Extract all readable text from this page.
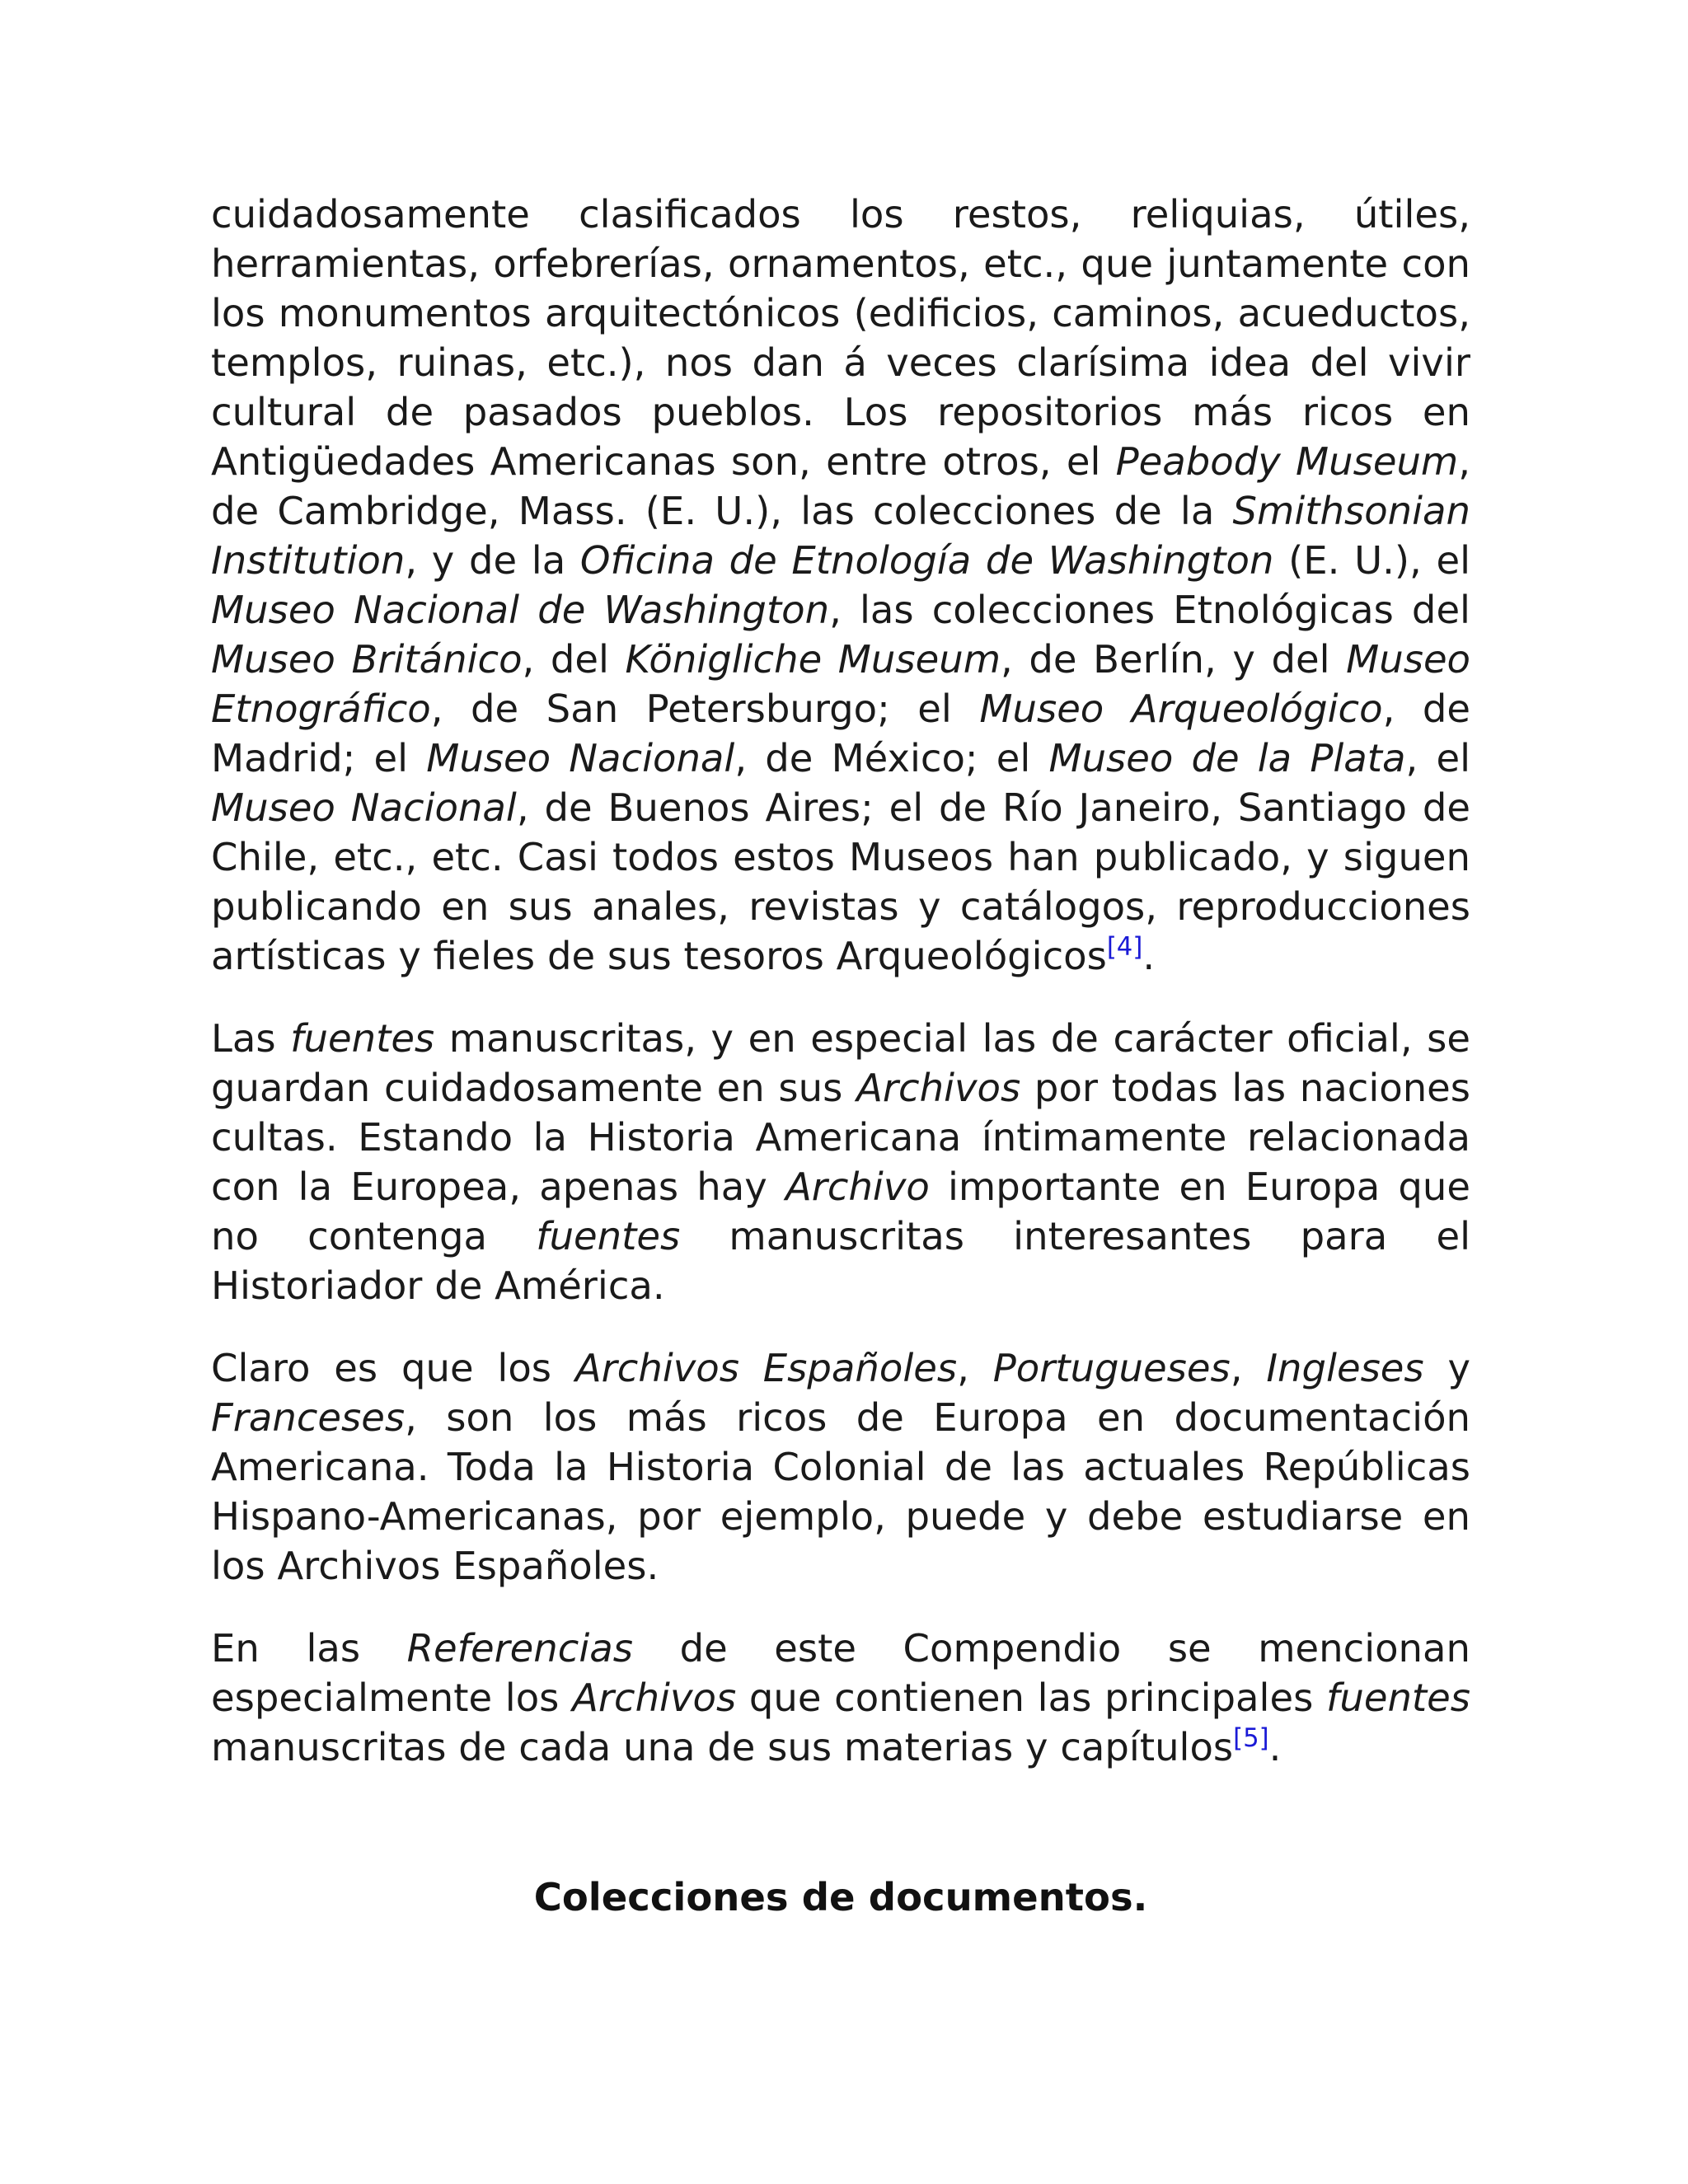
cuidadosamente clasificados los restos, reliquias, útiles, herramientas, orfebrerías, ornamentos, etc., que juntamente con los monumentos arquitectónicos (edificios, caminos, acueductos, templos, ruinas, etc.), nos dan á veces clarísima idea del vivir cultural de pasados pueblos. Los repositorios más ricos en Antigüedades Americanas son, entre otros, el Peabody Museum, de Cambridge, Mass. (E. U.), las colecciones de la Smithsonian Institution, y de la Oficina de Etnología de Washington (E. U.), el Museo Nacional de Washington, las colecciones Etnológicas del Museo Británico, del Königliche Museum, de Berlín, y del Museo Etnográfico, de San Petersburgo; el Museo Arqueológico, de Madrid; el Museo Nacional, de México; el Museo de la Plata, el Museo Nacional, de Buenos Aires; el de Río Janeiro, Santiago de Chile, etc., etc. Casi todos estos Museos han publicado, y siguen publicando en sus anales, revistas y catálogos, reproducciones artísticas y fieles de sus tesoros Arqueológicos[4].

Las fuentes manuscritas, y en especial las de carácter oficial, se guardan cuidadosamente en sus Archivos por todas las naciones cultas. Estando la Historia Americana íntimamente relacionada con la Europea, apenas hay Archivo importante en Europa que no contenga fuentes manuscritas interesantes para el Historiador de América.

Claro es que los Archivos Españoles, Portugueses, Ingleses y Franceses, son los más ricos de Europa en documentación Americana. Toda la Historia Colonial de las actuales Repúblicas Hispano-Americanas, por ejemplo, puede y debe estudiarse en los Archivos Españoles.

En las Referencias de este Compendio se mencionan especialmente los Archivos que contienen las principales fuentes manuscritas de cada una de sus materias y capítulos[5].

Colecciones de documentos.
